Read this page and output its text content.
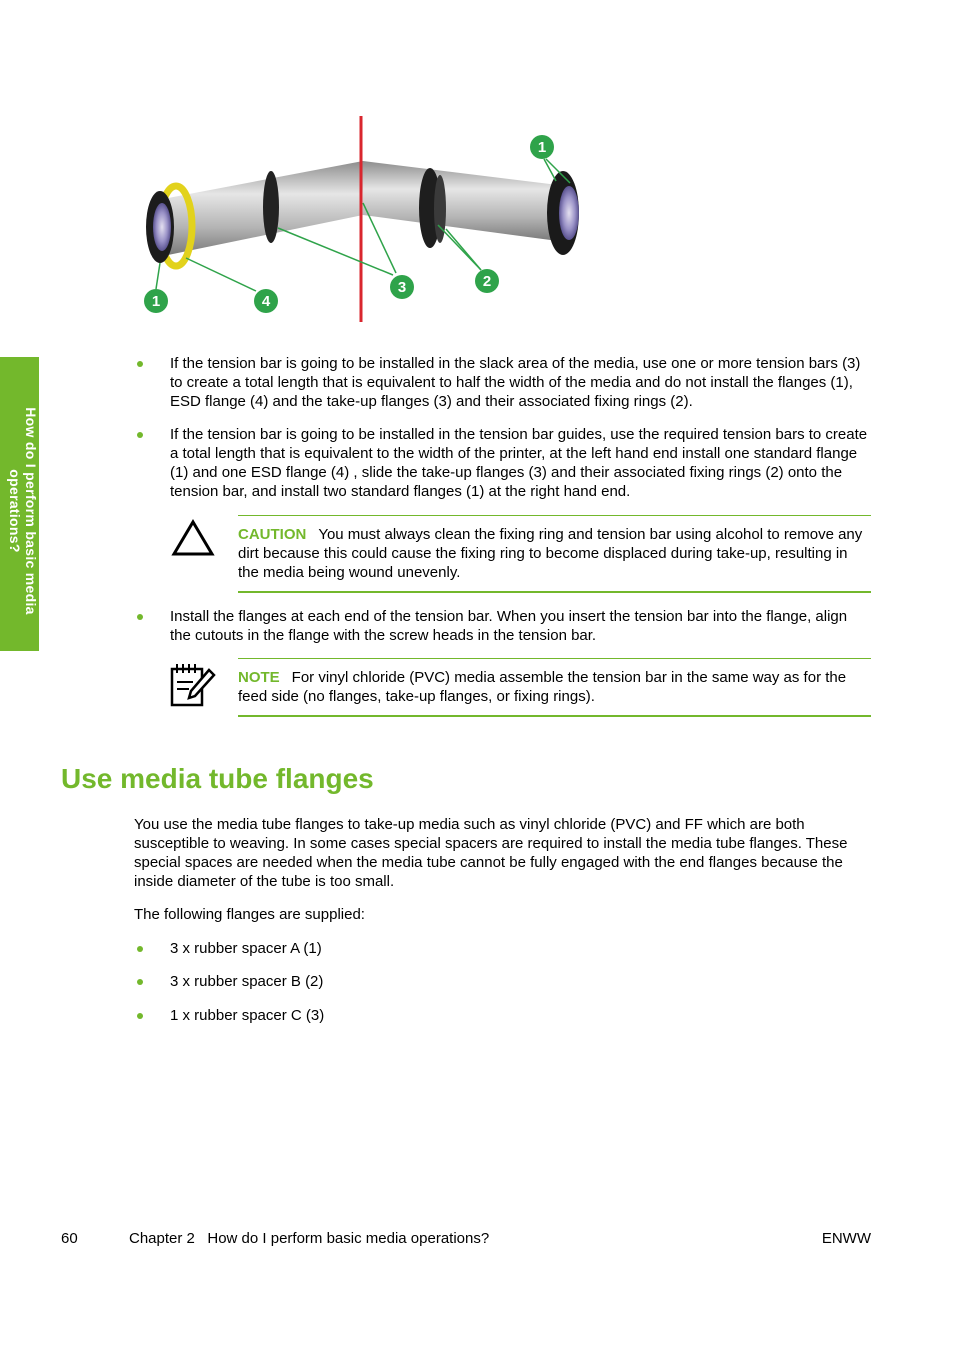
How do I perform basic media operations?
1	4
3	2
1
If the tension bar is going to be installed in the slack area of the media, use one or more tension bars (3) to create a total length that is equivalent to half the width of the media and do not install the flanges (1), ESD flange (4) and the take-up flanges (3) and their associated fixing rings (2).
If the tension bar is going to be installed in the tension bar guides, use the required tension bars to create a total length that is equivalent to the width of the printer, at the left hand end install one standard flange (1) and one ESD flange (4) , slide the take-up flanges (3) and their associated fixing rings (2) onto the tension bar, and install two standard flanges (1) at the right hand end.
CAUTION You must always clean the fixing ring and tension bar using alcohol to remove any dirt because this could cause the fixing ring to become displaced during take-up, resulting in the media being wound unevenly.
Install the flanges at each end of the tension bar. When you insert the tension bar into the flange, align the cutouts in the flange with the screw heads in the tension bar.
NOTE For vinyl chloride (PVC) media assemble the tension bar in the same way as for the feed side (no flanges, take-up flanges, or fixing rings).
Use media tube flanges
You use the media tube flanges to take-up media such as vinyl chloride (PVC) and FF which are both susceptible to weaving. In some cases special spacers are required to install the media tube flanges. These special spaces are needed when the media tube cannot be fully engaged with the end flanges because the inside diameter of the tube is too small.
The following flanges are supplied:
3 x rubber spacer A (1)
3 x rubber spacer B (2)
1 x rubber spacer C (3)
60	Chapter 2   How do I perform basic media operations?	ENWW
